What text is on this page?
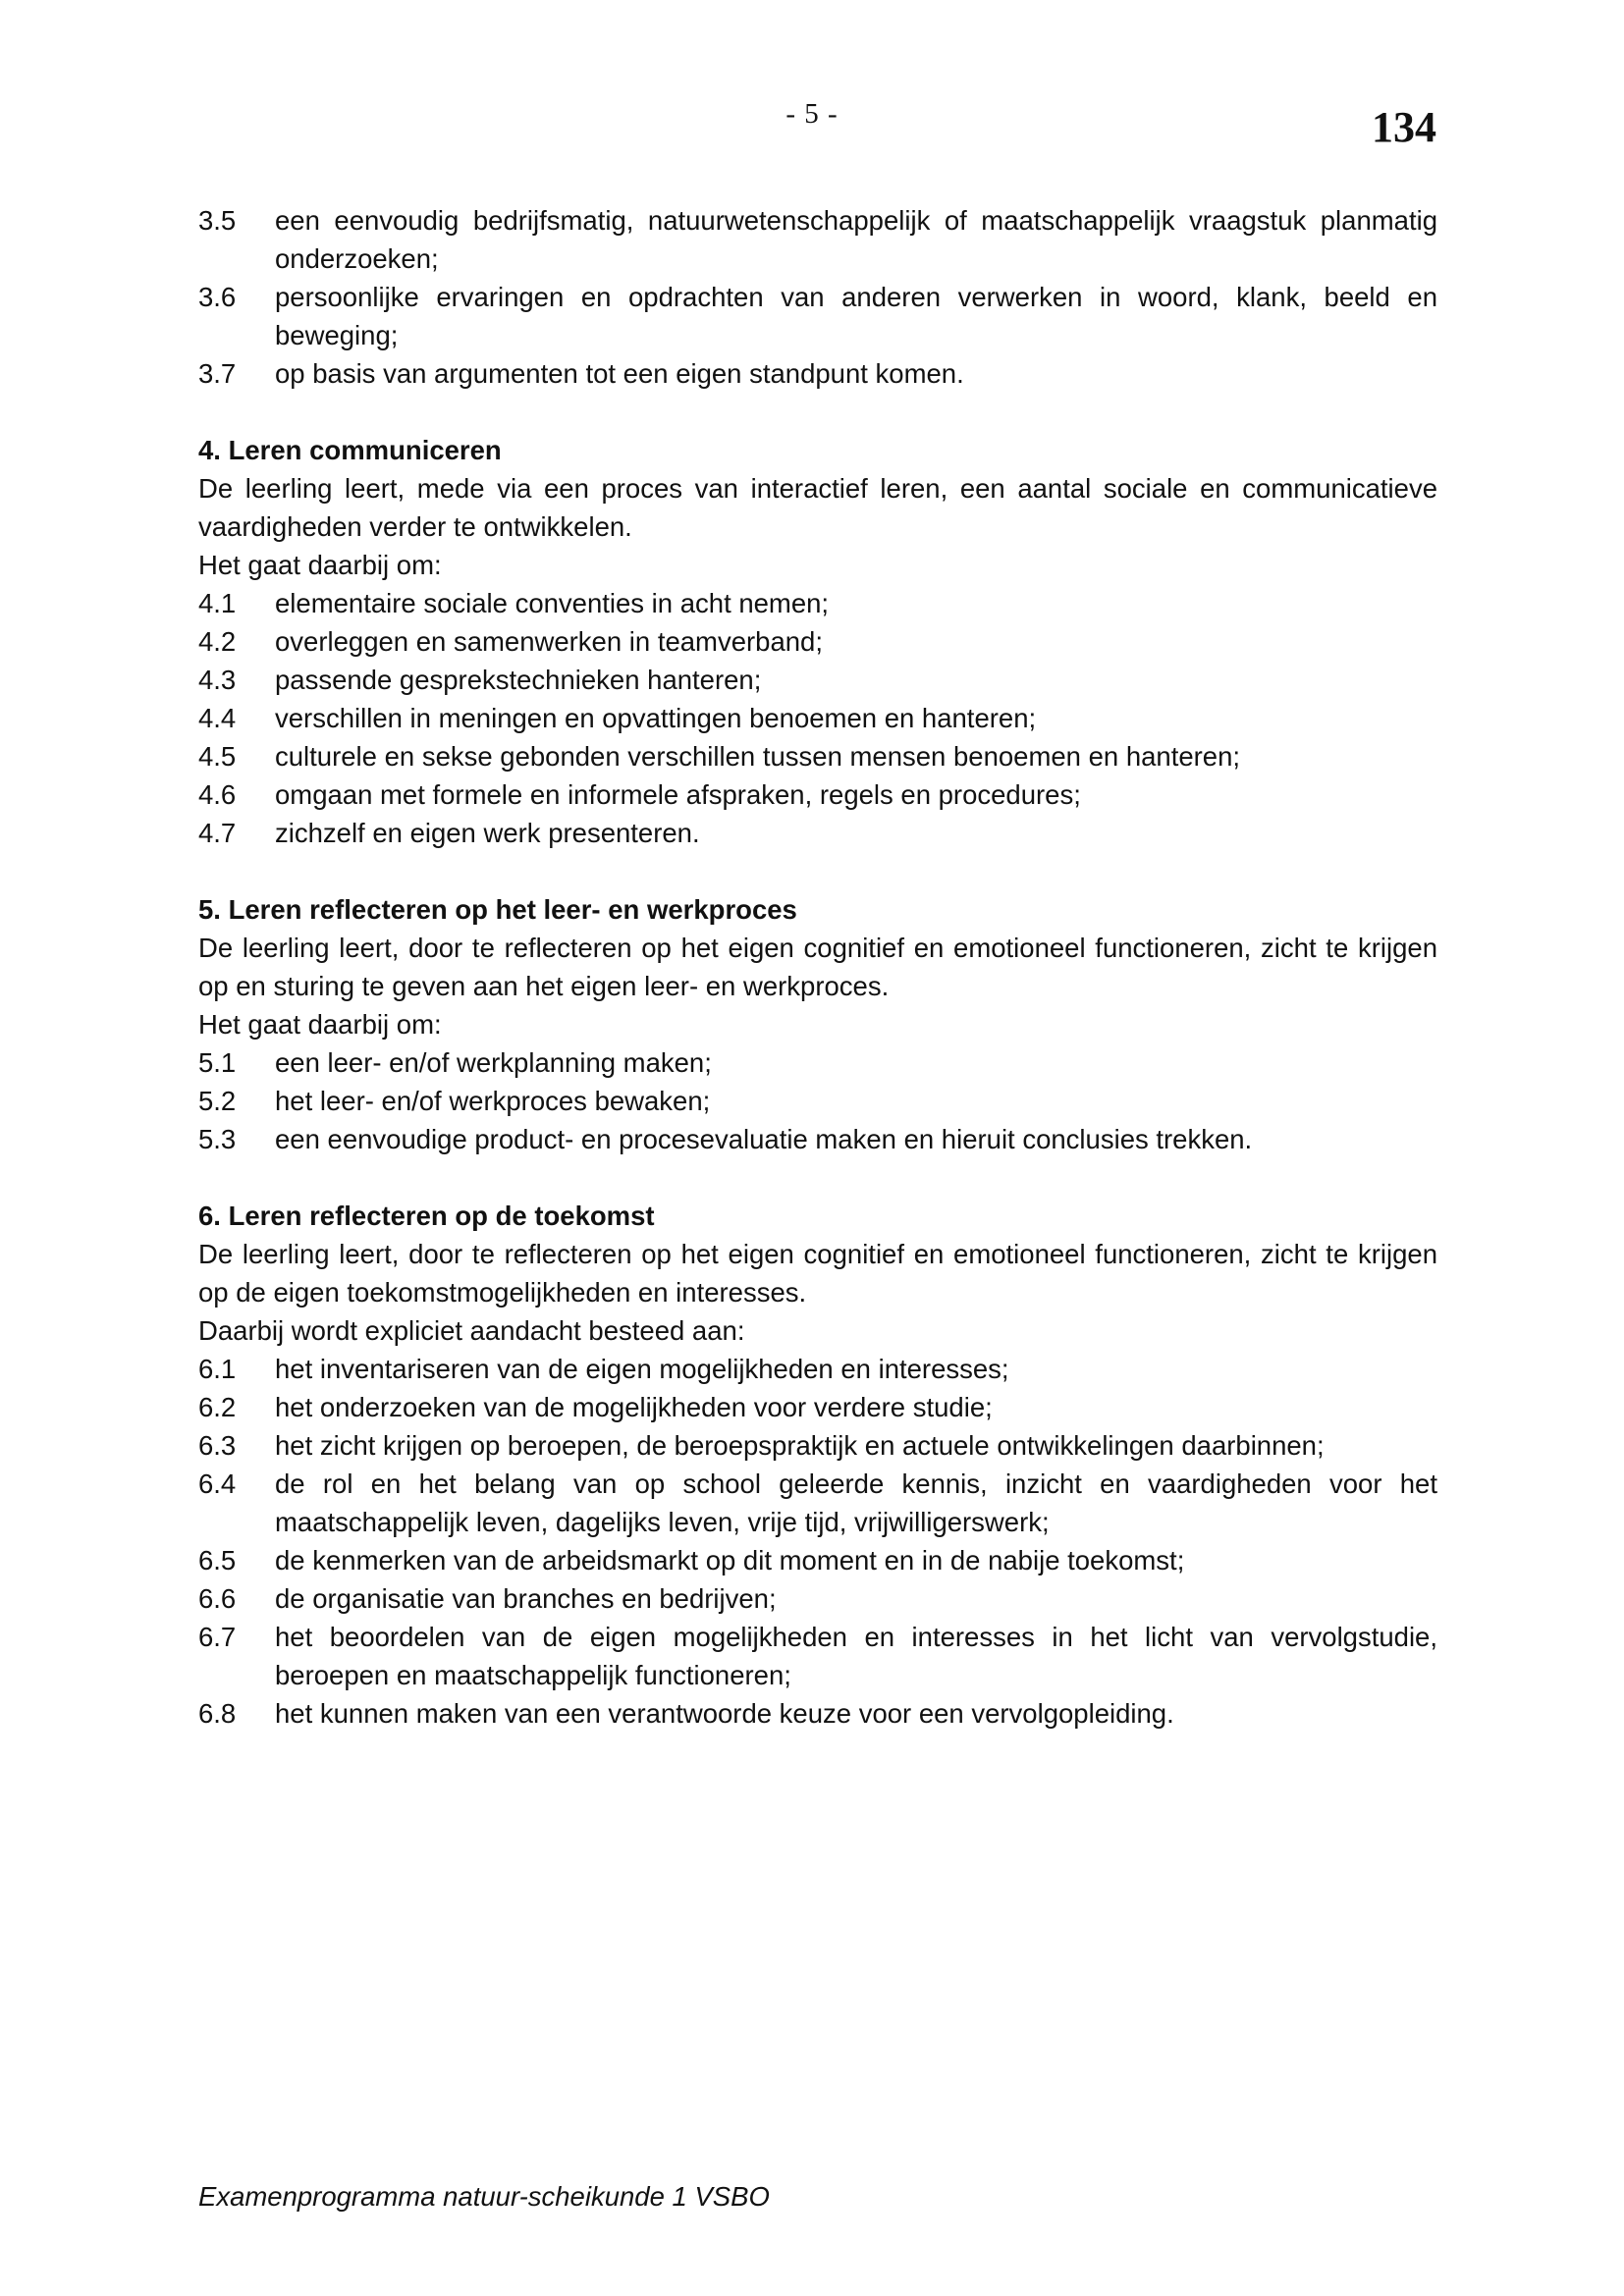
- 5 -	134
3.5	een eenvoudig bedrijfsmatig, natuurwetenschappelijk of maatschappelijk vraagstuk planmatig onderzoeken;
3.6	persoonlijke ervaringen en opdrachten van anderen verwerken in woord, klank, beeld en beweging;
3.7	op basis van argumenten tot een eigen standpunt komen.

4. Leren communiceren

De leerling leert, mede via een proces van interactief leren, een aantal sociale en communicatieve vaardigheden verder te ontwikkelen.

Het gaat daarbij om:

4.1	elementaire sociale conventies in acht nemen;
4.2	overleggen en samenwerken in teamverband;
4.3	passende gesprekstechnieken hanteren;
4.4	verschillen in meningen en opvattingen benoemen en hanteren;
4.5	culturele en sekse gebonden verschillen tussen mensen benoemen en hanteren;
4.6	omgaan met formele en informele afspraken, regels en procedures;
4.7	zichzelf en eigen werk presenteren.

5. Leren reflecteren op het leer- en werkproces

De leerling leert, door te reflecteren op het eigen cognitief en emotioneel functioneren, zicht te krijgen op en sturing te geven aan het eigen leer- en werkproces.

Het gaat daarbij om:

5.1	een leer- en/of werkplanning maken;
5.2	het leer- en/of werkproces bewaken;
5.3	een eenvoudige product- en procesevaluatie maken en hieruit conclusies trekken.

6. Leren reflecteren op de toekomst

De leerling leert, door te reflecteren op het eigen cognitief en emotioneel functioneren, zicht te krijgen op de eigen toekomstmogelijkheden en interesses.

Daarbij wordt expliciet aandacht besteed aan:

6.1	het inventariseren van de eigen mogelijkheden en interesses;
6.2	het onderzoeken van de mogelijkheden voor verdere studie;
6.3	het zicht krijgen op beroepen, de beroepspraktijk en actuele ontwikkelingen daarbinnen;
6.4	de rol en het belang van op school geleerde kennis, inzicht en vaardigheden voor het maatschappelijk leven, dagelijks leven, vrije tijd, vrijwilligerswerk;
6.5	de kenmerken van de arbeidsmarkt op dit moment en in de nabije toekomst;
6.6	de organisatie van branches en bedrijven;
6.7	het beoordelen van de eigen mogelijkheden en interesses in het licht van vervolgstudie, beroepen en maatschappelijk functioneren;
6.8	het kunnen maken van een verantwoorde keuze voor een vervolgopleiding.
Examenprogramma natuur-scheikunde 1 VSBO
